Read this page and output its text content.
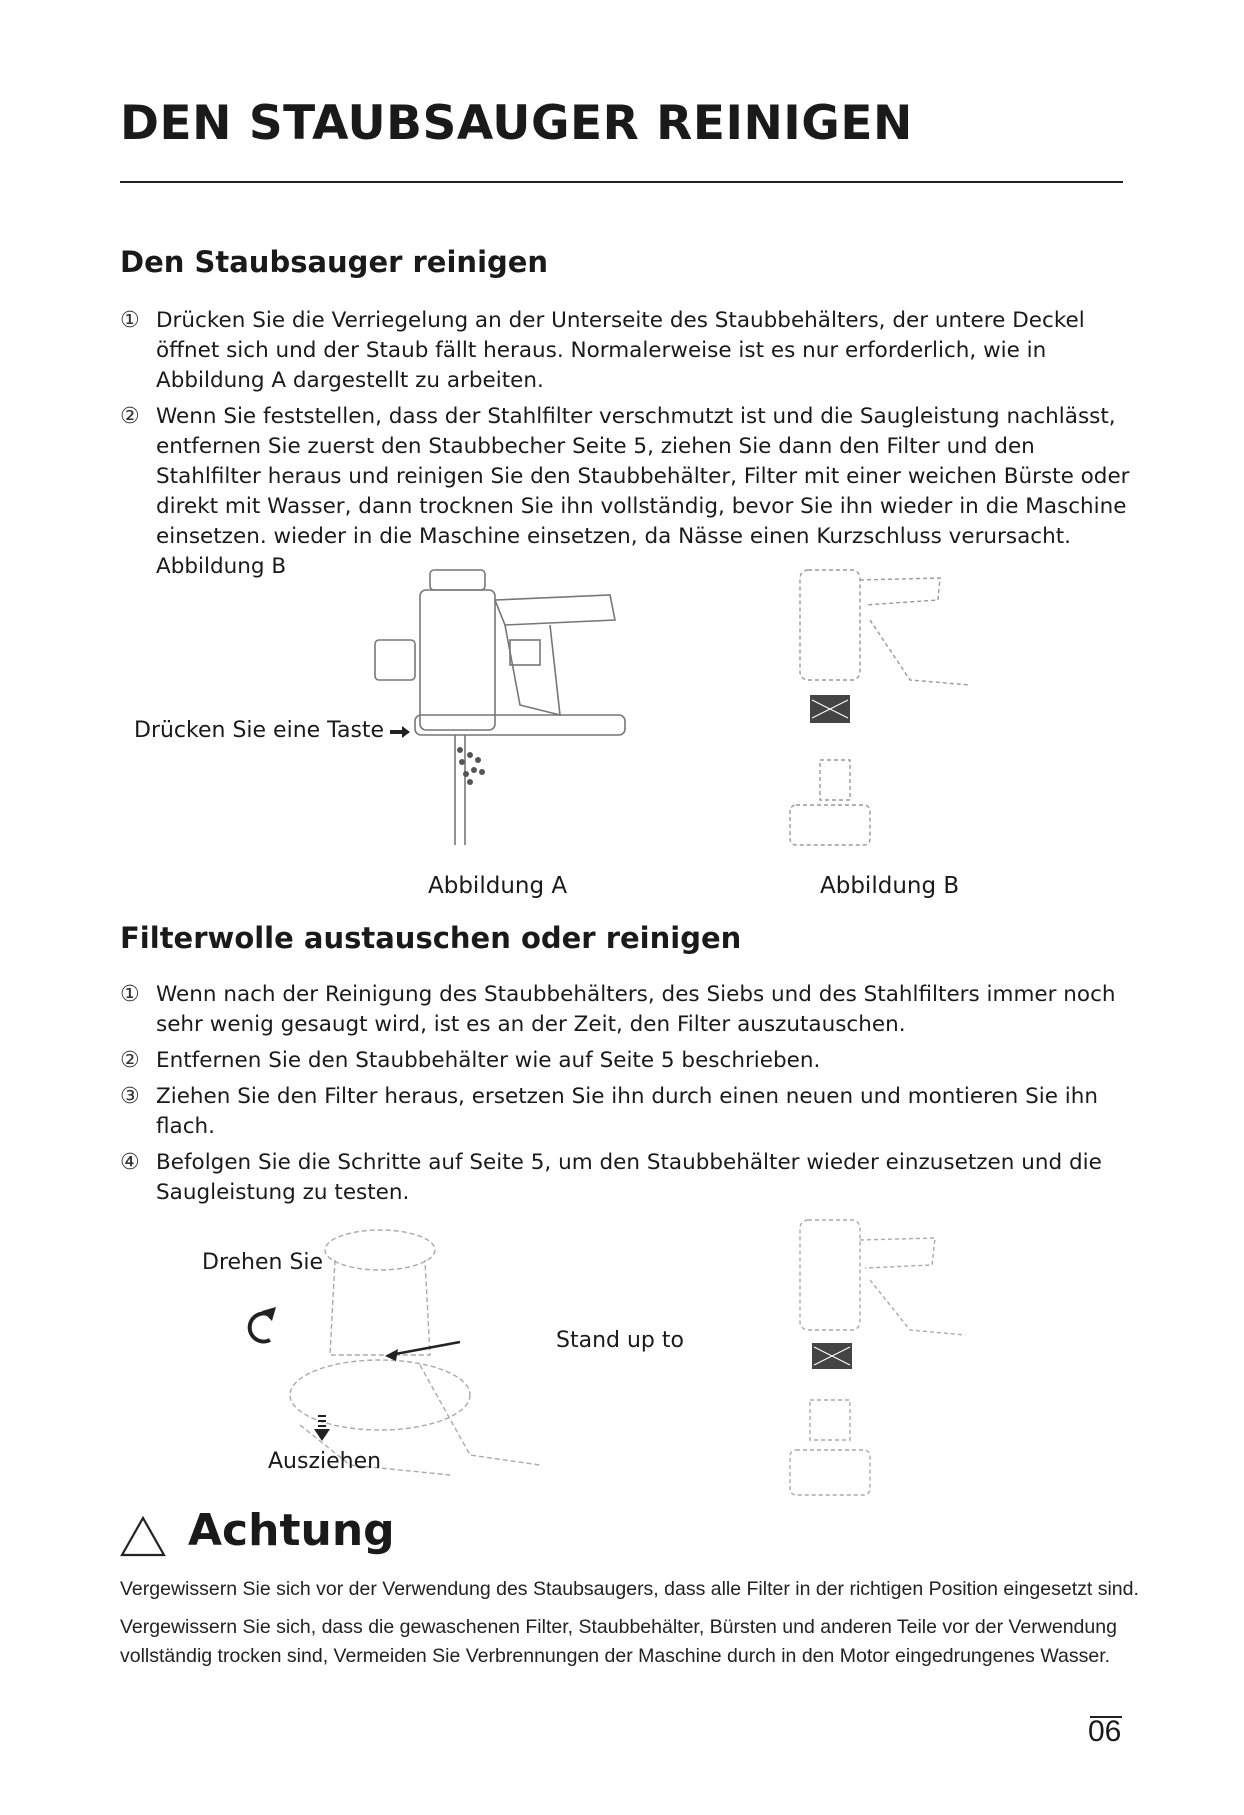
DEN STAUBSAUGER REINIGEN
Den Staubsauger reinigen
① Drücken Sie die Verriegelung an der Unterseite des Staubbehälters, der untere Deckel öffnet sich und der Staub fällt heraus. Normalerweise ist es nur erforderlich, wie in Abbildung A dargestellt zu arbeiten.
② Wenn Sie feststellen, dass der Stahlfilter verschmutzt ist und die Saugleistung nachlässt, entfernen Sie zuerst den Staubbecher Seite 5, ziehen Sie dann den Filter und den Stahlfilter heraus und reinigen Sie den Staubbehälter, Filter mit einer weichen Bürste oder direkt mit Wasser, dann trocknen Sie ihn vollständig, bevor Sie ihn wieder in die Maschine einsetzen. wieder in die Maschine einsetzen, da Nässe einen Kurzschluss verursacht. Abbildung B
Drücken Sie eine Taste
Abbildung A	Abbildung B
Filterwolle austauschen oder reinigen
① Wenn nach der Reinigung des Staubbehälters, des Siebs und des Stahlfilters immer noch sehr wenig gesaugt wird, ist es an der Zeit, den Filter auszutauschen.
② Entfernen Sie den Staubbehälter wie auf Seite 5 beschrieben.
③ Ziehen Sie den Filter heraus, ersetzen Sie ihn durch einen neuen und montieren Sie ihn flach.
④ Befolgen Sie die Schritte auf Seite 5, um den Staubbehälter wieder einzusetzen und die Saugleistung zu testen.
Drehen Sie
Stand up to
Ausziehen
Achtung

Vergewissern Sie sich vor der Verwendung des Staubsaugers, dass alle Filter in der richtigen Position eingesetzt sind.

Vergewissern Sie sich, dass die gewaschenen Filter, Staubbehälter, Bürsten und anderen Teile vor der Verwendung vollständig trocken sind, Vermeiden Sie Verbrennungen der Maschine durch in den Motor eingedrungenes Wasser.

06
